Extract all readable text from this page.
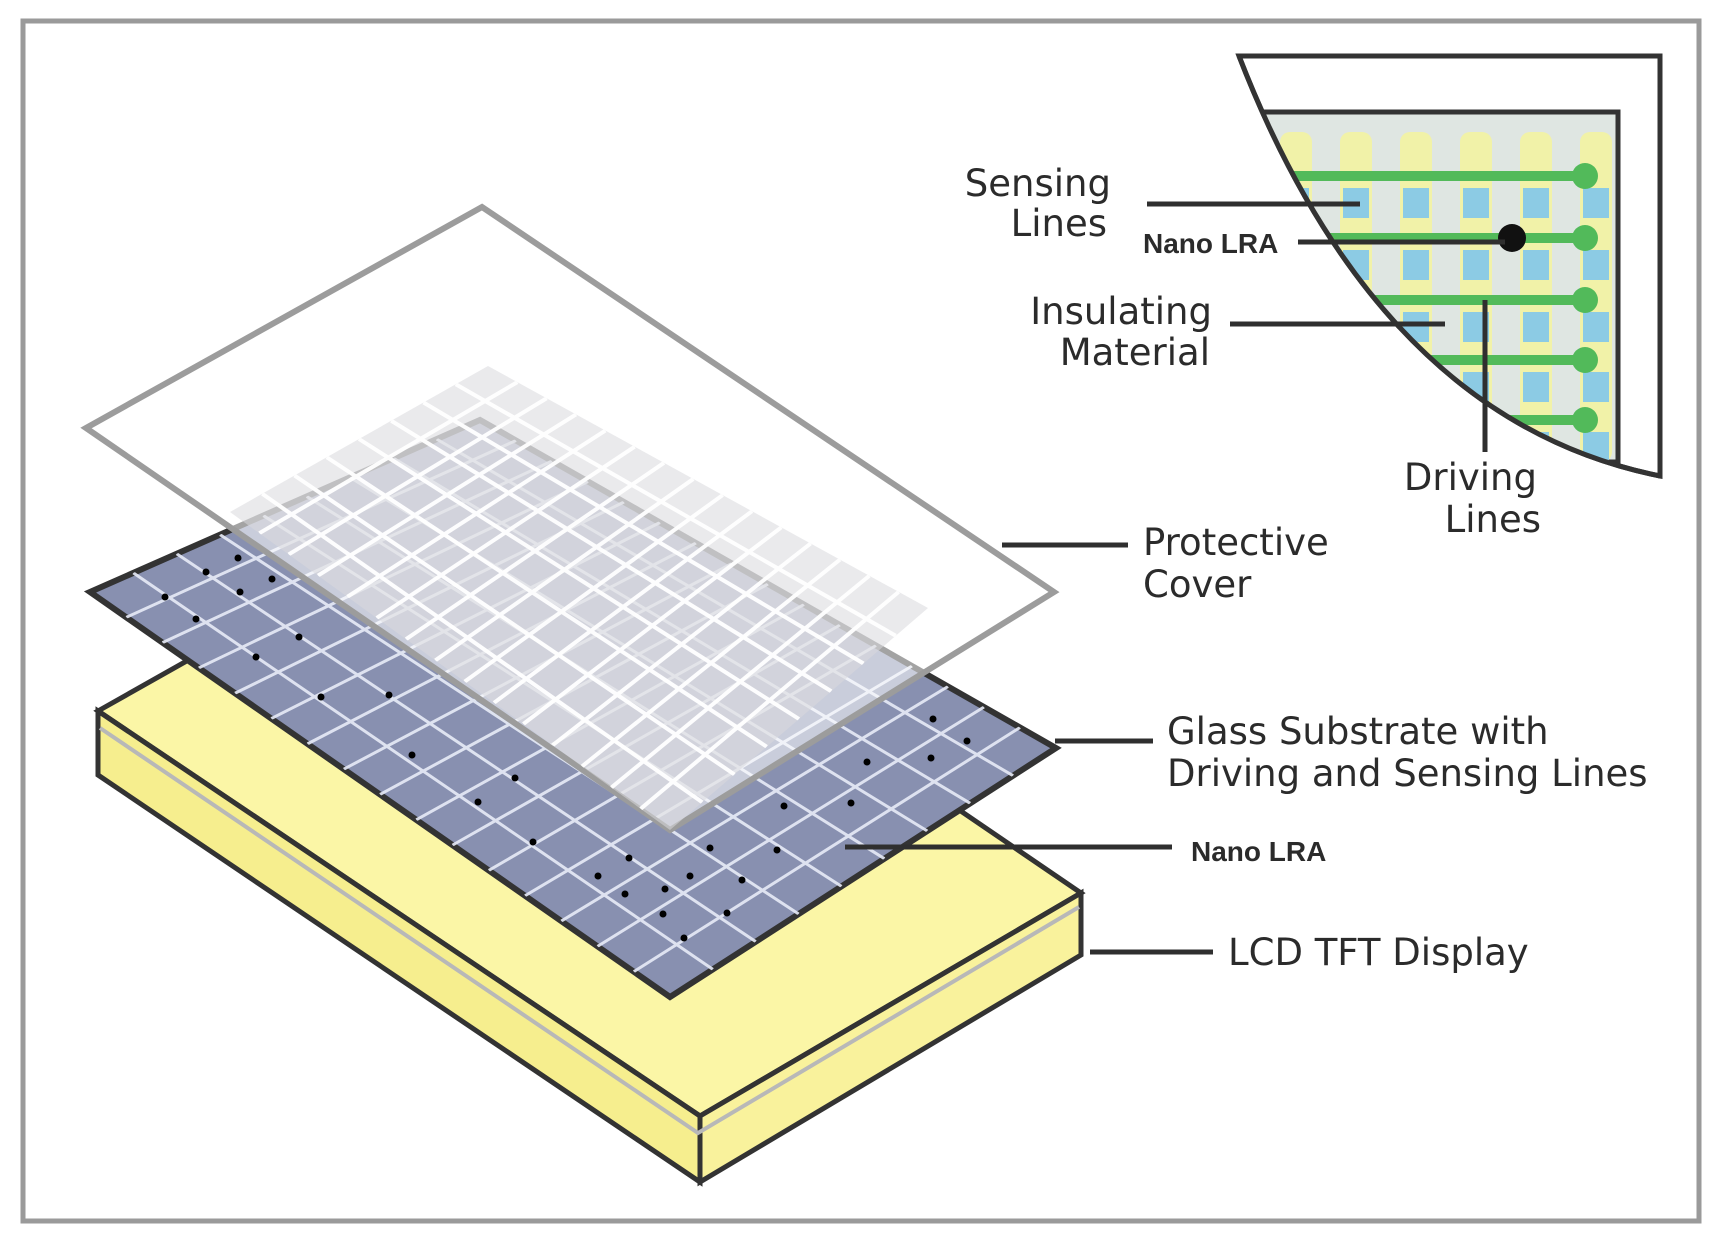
Sensing
Lines Nano LRA
Insulating
Material
Driving
Lines
Protective
Cover
Glass Substrate with
Driving and Sensing Lines
Nano LRA
LCD TFT Display
